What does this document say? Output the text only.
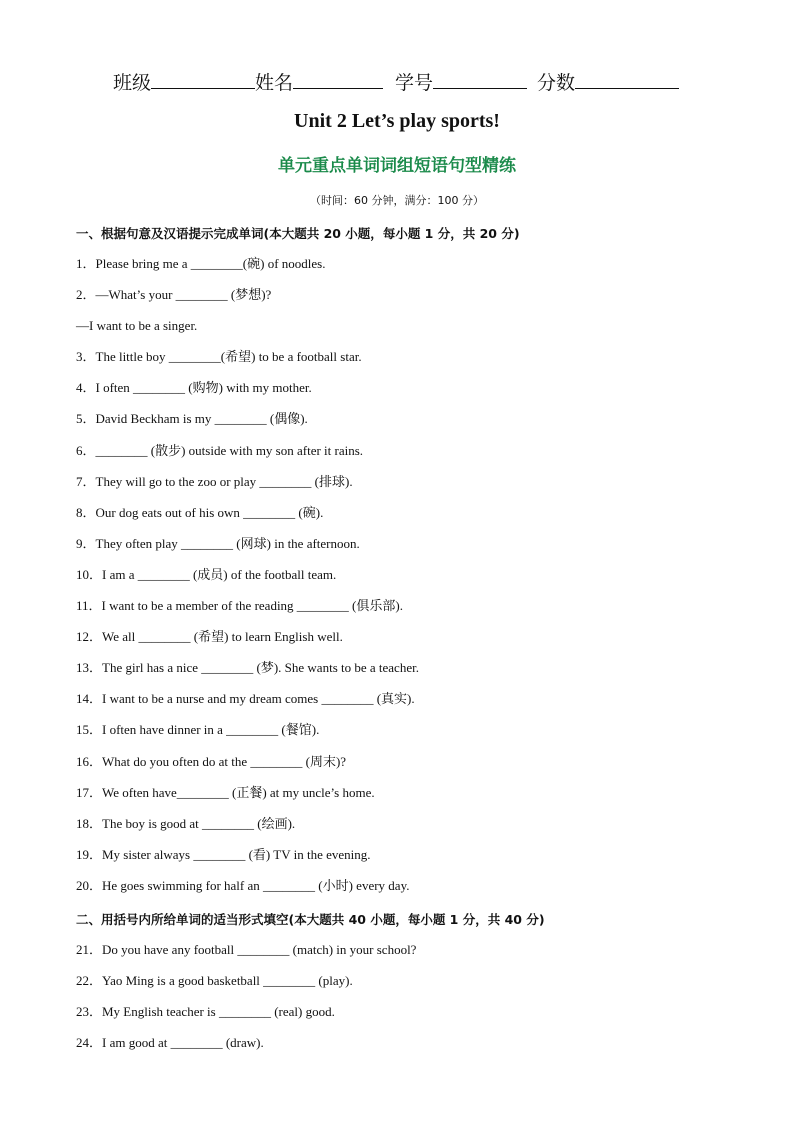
班级	姓名	学号	分数
Unit 2 Let’s play sports!
单元重点单词词组短语句型精练
（时间：60 分钟，满分：100 分）
一、根据句意及汉语提示完成单词(本大题共 20 小题，每小题 1 分，共 20 分)
1．Please bring me a ________(碗) of noodles.
2．—What’s your ________ (梦想)?
—I want to be a singer.
3．The little boy ________(希望) to be a football star.
4．I often ________ (购物) with my mother.
5．David Beckham is my ________ (偶像).
6．________ (散步) outside with my son after it rains.
7．They will go to the zoo or play ________ (排球).
8．Our dog eats out of his own ________ (碗).
9．They often play ________ (网球) in the afternoon.
10．I am a ________ (成员) of the football team.
11．I want to be a member of the reading ________ (俱乐部).
12．We all ________ (希望) to learn English well.
13．The girl has a nice ________ (梦). She wants to be a teacher.
14．I want to be a nurse and my dream comes ________ (真实).
15．I often have dinner in a ________ (餐馆).
16．What do you often do at the ________ (周末)?
17．We often have________ (正餐) at my uncle’s home.
18．The boy is good at ________ (绘画).
19．My sister always ________ (看) TV in the evening.
20．He goes swimming for half an ________ (小时) every day.
二、用括号内所给单词的适当形式填空(本大题共 40 小题，每小题 1 分，共 40 分)
21．Do you have any football ________ (match) in your school?
22．Yao Ming is a good basketball ________ (play).
23．My English teacher is ________ (real) good.
24．I am good at ________ (draw).
